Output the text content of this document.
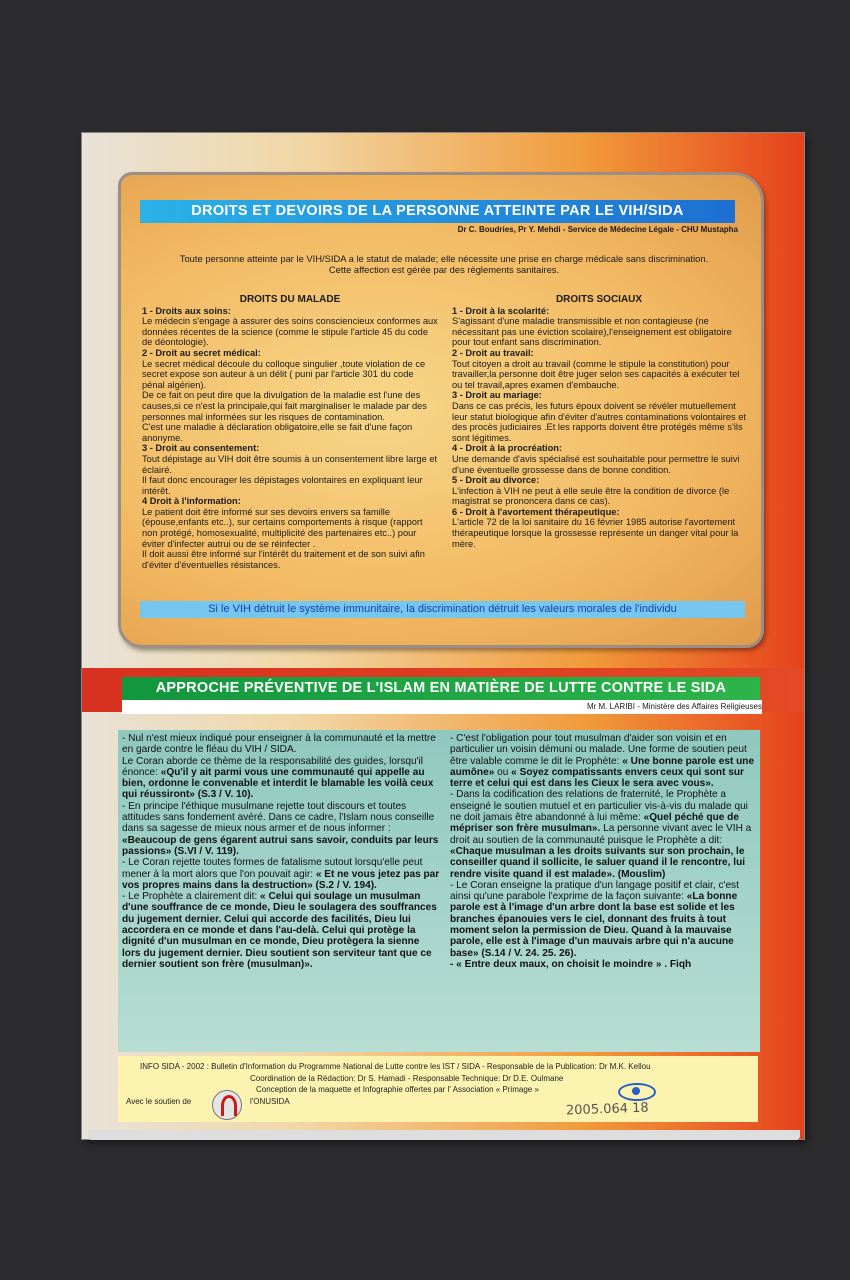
DROITS ET DEVOIRS DE LA PERSONNE ATTEINTE PAR LE VIH/SIDA
Dr C. Boudries, Pr Y. Mehdi - Service de Médecine Légale - CHU Mustapha
Toute personne atteinte par le VIH/SIDA a le statut de malade; elle nécessite une prise en charge médicale sans discrimination.
Cette affection est gérée par des règlements sanitaires.
DROITS DU MALADE

1 - Droits aux soins:

Le médecin s'engage à assurer des soins consciencieux conformes aux données récentes de la science (comme le stipule l'article 45 du code de déontologie).

2 - Droit au secret médical:

Le secret médical découle du colloque singulier ,toute violation de ce secret expose son auteur à un délit ( puni par l'article 301 du code pénal algérien).

De ce fait on peut dire que la divulgation de la maladie est l'une des causes,si ce n'est la principale,qui fait marginaliser le malade par des personnes mal informées sur les risques de contamination.

C'est une maladie à déclaration obligatoire,elle se fait d'une façon anonyme.

3 - Droit au consentement:

Tout dépistage au VIH doit être soumis à un consentement libre large et éclairé.

Il faut donc encourager les dépistages volontaires en expliquant leur intérêt.

4 Droit à l'information:

Le patient doit être informé sur ses devoirs envers sa famille (épouse,enfants etc..), sur certains comportements à risque (rapport non protégé, homosexualité, multiplicité des partenaires etc..) pour éviter d'infecter autrui ou de se réinfecter .

Il doit aussi être informé sur l'intérêt du traitement et de son suivi afin d'éviter d'éventuelles résistances.

DROITS SOCIAUX

1 - Droit à la scolarité:

S'agissant d'une maladie transmissible et non contagieuse (ne nécessitant pas une éviction scolaire),l'enseignement est obligatoire pour tout enfant sans discrimination.

2 - Droit au travail:

Tout citoyen a droit au travail (comme le stipule la constitution) pour travailler,la personne doit être juger selon ses capacités à exécuter tel ou tel travail,apres examen d'embauche.

3 - Droit au mariage:

Dans ce cas précis, les futurs époux doivent se révéler mutuellement leur statut biologique afin d'éviter d'autres contaminations volontaires et des procès judiciaires .Et les rapports doivent être protégés même s'ils sont légitimes.

4 - Droit à la procréation:

Une demande d'avis spécialisé est souhaitable pour permettre le suivi d'une éventuelle grossesse dans de bonne condition.

5 - Droit au divorce:

L'infection à VIH ne peut à elle seule être la condition de divorce (le magistrat se prononcera dans ce cas).

6 - Droit à l'avortement thérapeutique:

L'article 72 de la loi sanitaire du 16 février 1985 autorise l'avortement thérapeutique lorsque la grossesse représente un danger vital pour la mère.

Si le VIH détruit le système immunitaire, la discrimination détruit les valeurs morales de l'individu
APPROCHE PRÉVENTIVE DE L'ISLAM EN MATIÈRE DE LUTTE CONTRE LE SIDA
Mr M. LARIBI - Ministère des Affaires Religieuses

- Nul n'est mieux indiqué pour enseigner à la communauté et la mettre en garde contre le fléau du VIH / SIDA.

Le Coran aborde ce thème de la responsabilité des guides, lorsqu'il énonce: «Qu'il y ait parmi vous une communauté qui appelle au bien, ordonne le convenable et interdit le blamable les voilà ceux qui réussiront» (S.3 / V. 10).

- En principe l'éthique musulmane rejette tout discours et toutes attitudes sans fondement avéré. Dans ce cadre, l'Islam nous conseille dans sa sagesse de mieux nous armer et de nous informer : «Beaucoup de gens égarent autrui sans savoir, conduits par leurs passions» (S.VI / V. 119).

- Le Coran rejette toutes formes de fatalisme sutout lorsqu'elle peut mener à la mort alors que l'on pouvait agir: « Et ne vous jetez pas par vos propres mains dans la destruction» (S.2 / V. 194).

- Le Prophète a clairement dit: « Celui qui soulage un musulman d'une souffrance de ce monde, Dieu le soulagera des souffrances du jugement dernier. Celui qui accorde des facilités, Dieu lui accordera en ce monde et dans l'au-delà. Celui qui protège la dignité d'un musulman en ce monde, Dieu protègera la sienne lors du jugement dernier. Dieu soutient son serviteur tant que ce dernier soutient son frère (musulman)».

- C'est l'obligation pour tout musulman d'aider son voisin et en particulier un voisin démuni ou malade. Une forme de soutien peut être valable comme le dit le Prophète: « Une bonne parole est une aumône» ou « Soyez compatissants envers ceux qui sont sur terre et celui qui est dans les Cieux le sera avec vous».

- Dans la codification des relations de fraternité, le Prophète a enseigné le soutien mutuel et en particulier vis-à-vis du malade qui ne doit jamais être abandonné à lui même: «Quel péché que de mépriser son frère musulman». La personne vivant avec le VIH a droit au soutien de la communauté puisque le Prophète a dit: «Chaque musulman a les droits suivants sur son prochain, le conseiller quand il sollicite, le saluer quand il le rencontre, lui rendre visite quand il est malade». (Mouslim)

- Le Coran enseigne la pratique d'un langage positif et clair, c'est ainsi qu'une parabole l'exprime de la façon suivante: «La bonne parole est à l'image d'un arbre dont la base est solide et les branches épanouies vers le ciel, donnant des fruits à tout moment selon la permission de Dieu. Quand à la mauvaise parole, elle est à l'image d'un mauvais arbre qui n'a aucune base» (S.14 / V. 24. 25. 26).

- « Entre deux maux, on choisit le moindre » . Fiqh

INFO SIDA - 2002 : Bulletin d'Information du Programme National de Lutte contre les IST / SIDA - Responsable de la Publication: Dr M.K. Kellou
Coordination de la Rédaction: Dr S. Hamadi - Responsable Technique: Dr D.E. Oulmane
Conception de la maquette et Infographie offertes par l' Association « Primage »
Avec le soutien de	l'ONUSIDA	2005.064 18
